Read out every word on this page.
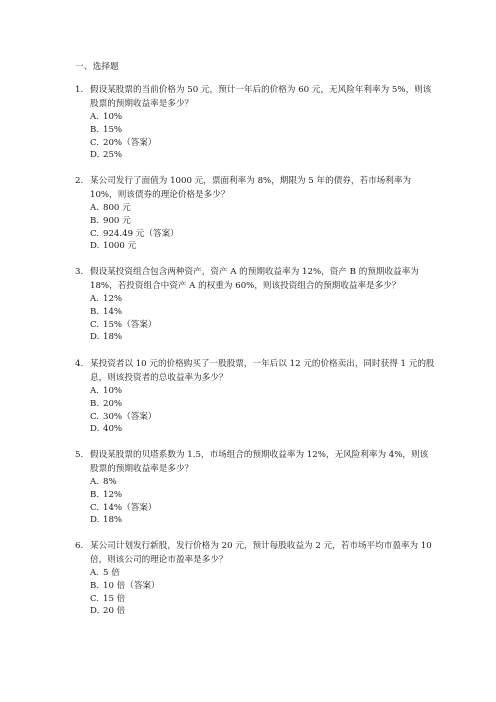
一、选择题
1. 假设某股票的当前价格为 50 元，预计一年后的价格为 60 元，无风险年利率为 5%，则该股票的预期收益率是多少？
A. 10%
B. 15%
C. 20%（答案）
D. 25%
2. 某公司发行了面值为 1000 元，票面利率为 8%，期限为 5 年的债券，若市场利率为 10%，则该债券的理论价格是多少？
A. 800 元
B. 900 元
C. 924.49 元（答案）
D. 1000 元
3. 假设某投资组合包含两种资产，资产 A 的预期收益率为 12%，资产 B 的预期收益率为 18%，若投资组合中资产 A 的权重为 60%，则该投资组合的预期收益率是多少？
A. 12%
B. 14%
C. 15%（答案）
D. 18%
4. 某投资者以 10 元的价格购买了一股股票，一年后以 12 元的价格卖出，同时获得 1 元的股息，则该投资者的总收益率为多少？
A. 10%
B. 20%
C. 30%（答案）
D. 40%
5. 假设某股票的贝塔系数为 1.5，市场组合的预期收益率为 12%，无风险利率为 4%，则该股票的预期收益率是多少？
A. 8%
B. 12%
C. 14%（答案）
D. 18%
6. 某公司计划发行新股，发行价格为 20 元，预计每股收益为 2 元，若市场平均市盈率为 10 倍，则该公司的理论市盈率是多少？
A. 5 倍
B. 10 倍（答案）
C. 15 倍
D. 20 倍
